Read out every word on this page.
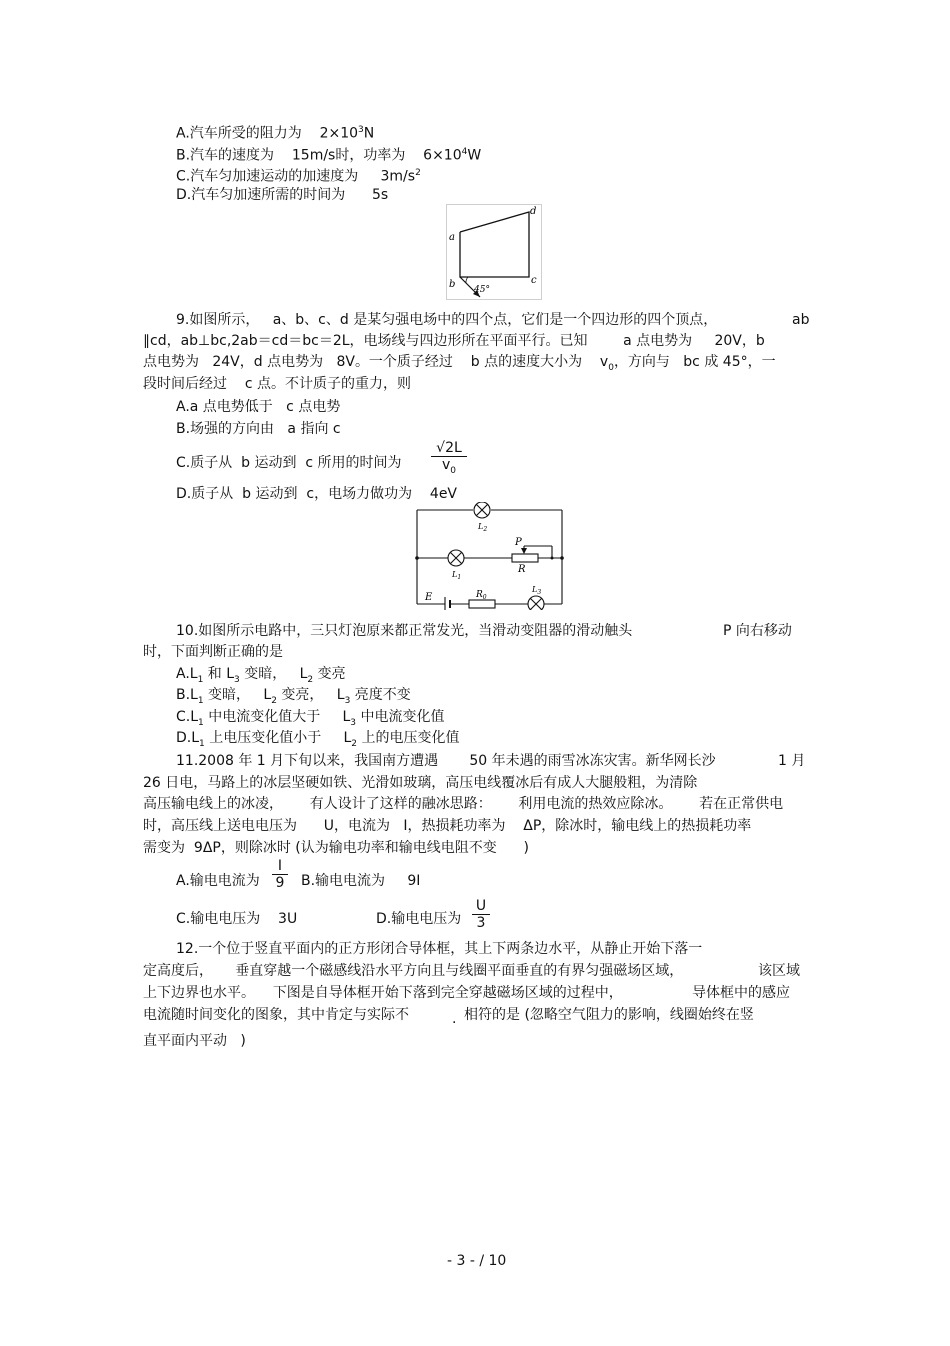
A.汽车所受的阻力为 $2\times 10^3N$
B.汽车的速度为 15m/s时，功率为 $6\times 10^4W$
C.汽车匀加速运动的加速度为 $3m/s^2$
D.汽车匀加速所需的时间为 5s
a
b	c
d
45°
9.如图所示， a、b、c、d 是某匀强电场中的四个点，它们是一个四边形的四个顶点，	ab
∥cd，ab⊥bc,2ab＝cd＝bc＝2L，电场线与四边形所在平面平行。已知	a 点电势为 20V，b
点电势为 24V，d 点电势为 8V。一个质子经过 b 点的速度大小为 $v_0$，方向与 bc 成 45°，一
段时间后经过 c 点。不计质子的重力，则
A.a 点电势低于 c 点电势
B.场强的方向由 a 指向 c
C.质子从 b 运动到 c 所用的时间为
√2L
$v_0$
D.质子从 b 运动到 c，电场力做功为 4eV
$L_2$
$L_1$
$L_3$
P
R
E	$R_0$
10.如图所示电路中，三只灯泡原来都正常发光，当滑动变阻器的滑动触头	P 向右移动
时，下面判断正确的是
$A.L_1$ 和 $L_3$ 变暗， $L_2$ 变亮
$B.L_1$ 变暗， $L_2$ 变亮， $L_3$ 亮度不变
$C.L_1$ 中电流变化值大于 $L_3$ 中电流变化值
$D.L_1$ 上电压变化值小于 $L_2$ 上的电压变化值
11.2008 年 1 月下旬以来，我国南方遭遇 50 年未遇的雨雪冰冻灾害。新华网长沙	1 月
26 日电，马路上的冰层坚硬如铁、光滑如玻璃，高压电线覆冰后有成人大腿般粗，为清除
高压输电线上的冰凌， 有人设计了这样的融冰思路： 利用电流的热效应除冰。 若在正常供电
时，高压线上送电电压为 U，电流为 I，热损耗功率为 ΔP，除冰时，输电线上的热损耗功率
需变为 9ΔP，则除冰时 (认为输电功率和输电线电阻不变 )
A.输电电流为
I
9 B.输电电流为 9I
C.输电电压为 3U	D.输电电压为
U
3
12.一个位于竖直平面内的正方形闭合导体框，其上下两条边水平，从静止开始下落一
定高度后， 垂直穿越一个磁感线沿水平方向且与线圈平面垂直的有界匀强磁场区域，	该区域
上下边界也水平。 下图是自导体框开始下落到完全穿越磁场区域的过程中，	导体框中的感应
电流随时间变化的图象，其中肯定与实际不	. 相符的是 (忽略空气阻力的影响，线圈始终在竖
直平面内平动 )
- 3 - / 10
